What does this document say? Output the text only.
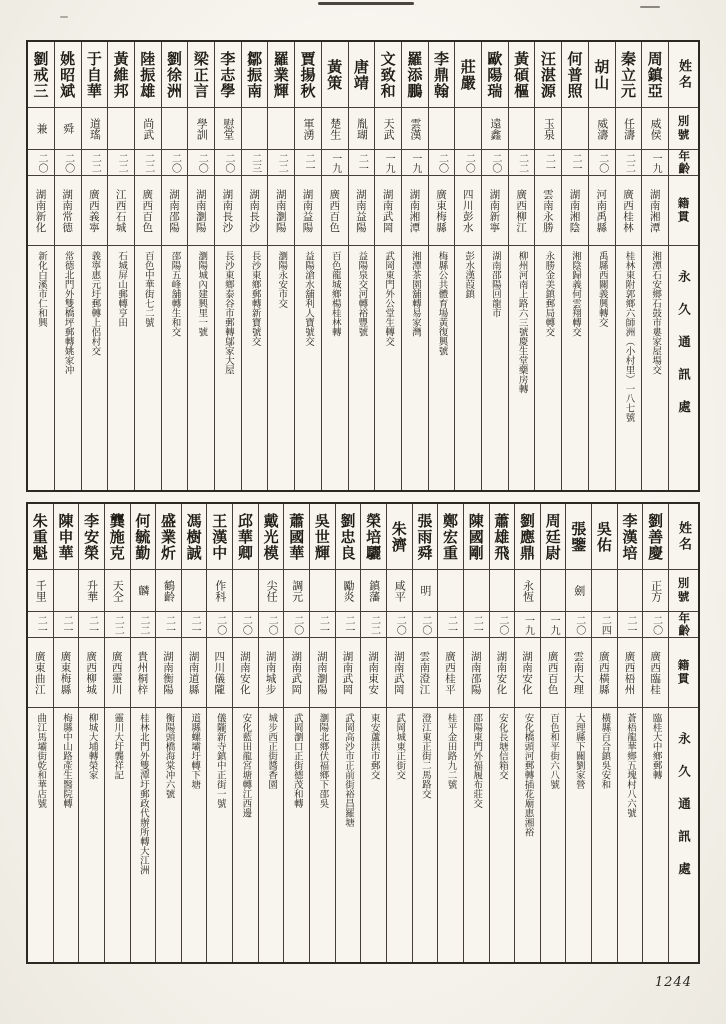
姓名
別號
年齡
籍貫
永久通訊處
周鎮亞
威侯
一九
湖南湘潭
湘潭石安鄉石鼓市婁家屋場交
秦立元
任濤
二二
廣西桂林
桂林東附郭鄉六師洲（小村里）一八七號
胡山
威濤
二〇
河南禹縣
禹縣西關義興轉交
何普照
二一
湖南湘陰
湘陰歸義何雲翔轉交
汪湛源
玉泉
二一
雲南永勝
永勝金美鎮郵局轉交
黃碩樞
二二
廣西柳江
柳州河南上路六三號慶生堂藥房轉
歐陽瑞
遠鑫
二〇
湖南新寧
湖南邵陽回龍市
莊嚴
二〇
四川彭水
彭水漢葭鎮
李鼎翰
二〇
廣東梅縣
梅縣公共體育場黃復興號
羅添鵬
雲漢
一九
湖南湘潭
湘潭茶園舖轉易家灣
文致和
天武
一九
湖南武岡
武岡東門外公堂生轉交
唐靖
胤瑚
二一
湖南益陽
益陽泉交河轉裕豐號
黃策
楚生
一九
廣西百色
百色龍城鄉楊桂林轉
賈揚秋
軍湧
二一
湖南益陽
益陽滄水舖利人寶號交
羅業輝
二二
湖南瀏陽
瀏陽永安市交
鄒振南
二三
湖南長沙
長沙東鄉郵轉新寶號交
李志學
慰堂
二〇
湖南長沙
長沙東鄉泰谷市郵轉鄔家大屋
梁正言
學訓
二〇
湖南瀏陽
瀏陽城內建興里一號
劉徐洲
二〇
湖南邵陽
邵陽五峰舖轉生和交
陸振雄
尚武
二二
廣西百色
百色中華街七二號
黃維邦
二二
江西石城
石城屏山郵轉亨田
于自華
道瑤
二二
廣西義寧
義寧惠元圩郵轉上侶村交
姚昭斌
舜
二〇
湖南常德
常德北門外雙橋坪郵轉姚家冲
劉戒三
兼
二〇
湖南新化
新化白溪市仁和興
姓名
別號
年齡
籍貫
永久通訊處
劉善慶
正方
二〇
廣西臨桂
臨桂大中鄉郵轉
李漢培
二一
廣西梧州
蒼梧龍華鄉五塊村八六號
吳佑
二四
廣西橫縣
橫縣百合鎮吳安和
張鑒
劍
二〇
雲南大理
大理縣下關劉家營
周廷尉
一九
廣西百色
百色和平街六八號
劉應鼎
永恆
一九
湖南安化
安化橋頭河郵轉插花廟惠湘裕
蕭雄飛
二〇
湖南安化
安化長塘信箱交
陳國剛
二一
湖南邵陽
邵陽東門外福履布莊交
鄭宏重
二一
廣西桂平
桂平金田路九二號
張雨舜
明
二〇
雲南澄江
澄江東正街二馬路交
朱濟
咸平
二〇
湖南武岡
武岡城東正街交
榮培驪
鎮藩
二二
湖南東安
東安蘆洪市郵交
劉忠良
勵炎
二一
湖南武岡
武岡高沙市正前街裕昌羅塘
吳世輝
二一
湖南瀏陽
瀏陽北鄉伏福鄉下邵吳
蕭國華
調元
二〇
湖南武岡
武岡瀏口正街德茂和轉
戴光模
尖任
二〇
湖南城步
城步西正街醬香園
邱華卿
二〇
湖南安化
安化藍田龍宮塘轉江西邊
王漢中
作科
二〇
四川儀隴
儀隴新寺鎮中正街一號
馮樹誠
二一
湖南道縣
道縣螺壩圩轉下塘
盛業炘
鶴齡
二一
湖南衡陽
衡陽頭橋海棠冲六號
何毓勤
麟
二二
貴州桐梓
桂林北門外雙潭圩郵政代辦所轉大江洲
龔施克
天仝
二二
廣西靈川
靈川大圩龔祥記
李安榮
升華
二一
廣西柳城
柳城大埔轉榮家
陳申華
二一
廣東梅縣
梅縣中山路產生醫院轉
朱重魁
千里
二一
廣東曲江
曲江馬壩街乾和華店號
1244
